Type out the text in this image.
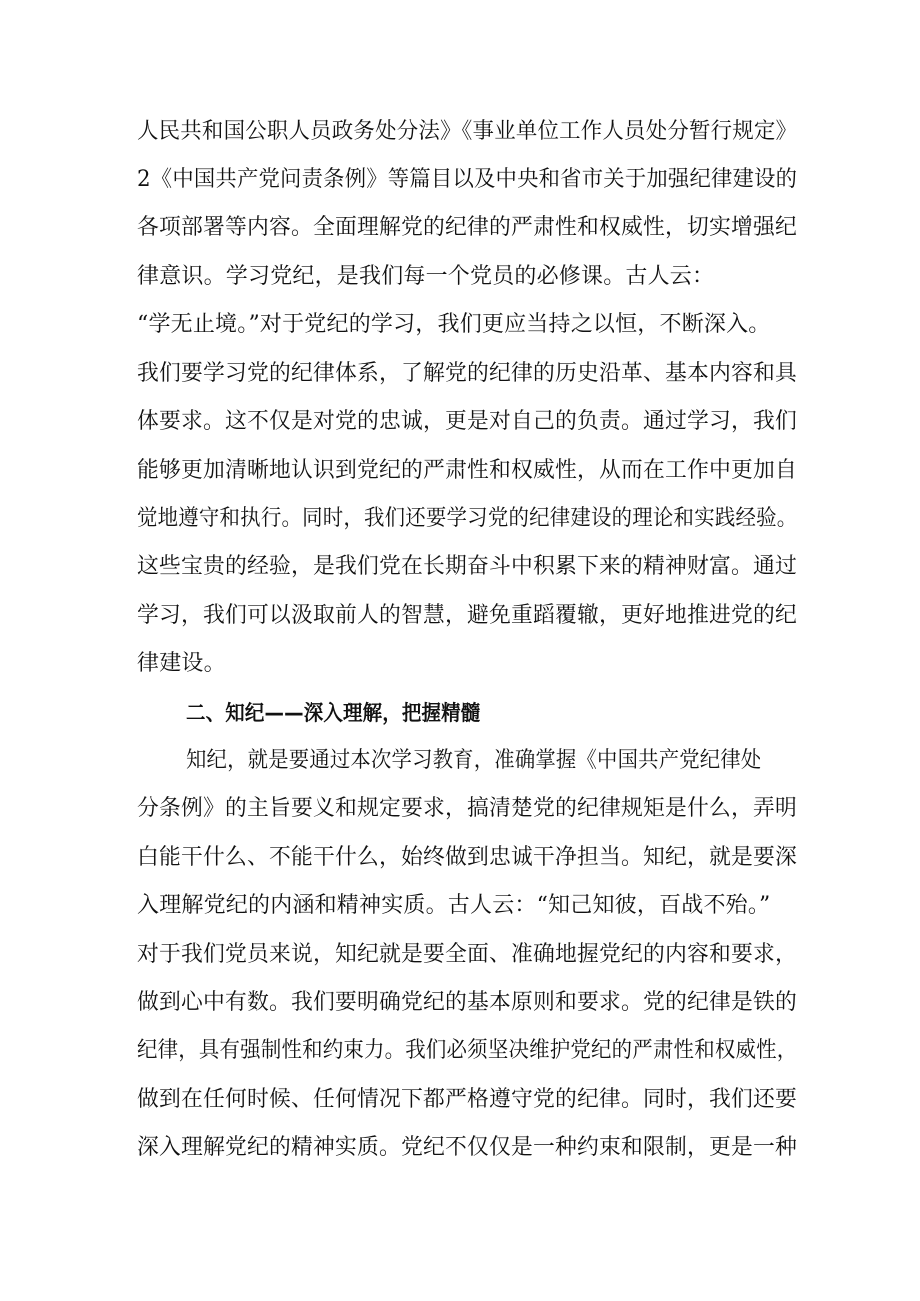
人民共和国公职人员政务处分法》《事业单位工作人员处分暂行规定》
2《中国共产党问责条例》等篇目以及中央和省市关于加强纪律建设的
各项部署等内容。全面理解党的纪律的严肃性和权威性，切实增强纪
律意识。学习党纪，是我们每一个党员的必修课。古人云：
“学无止境。”对于党纪的学习，我们更应当持之以恒，不断深入。
我们要学习党的纪律体系，了解党的纪律的历史沿革、基本内容和具
体要求。这不仅是对党的忠诚，更是对自己的负责。通过学习，我们
能够更加清晰地认识到党纪的严肃性和权威性，从而在工作中更加自
觉地遵守和执行。同时，我们还要学习党的纪律建设的理论和实践经验。
这些宝贵的经验，是我们党在长期奋斗中积累下来的精神财富。通过
学习，我们可以汲取前人的智慧，避免重蹈覆辙，更好地推进党的纪
律建设。
二、知纪——深入理解，把握精髓
知纪，就是要通过本次学习教育，准确掌握《中国共产党纪律处
分条例》的主旨要义和规定要求，搞清楚党的纪律规矩是什么，弄明
白能干什么、不能干什么，始终做到忠诚干净担当。知纪，就是要深
入理解党纪的内涵和精神实质。古人云：“知己知彼，百战不殆。”
对于我们党员来说，知纪就是要全面、准确地握党纪的内容和要求，
做到心中有数。我们要明确党纪的基本原则和要求。党的纪律是铁的
纪律，具有强制性和约束力。我们必须坚决维护党纪的严肃性和权威性，
做到在任何时候、任何情况下都严格遵守党的纪律。同时，我们还要
深入理解党纪的精神实质。党纪不仅仅是一种约束和限制，更是一种
